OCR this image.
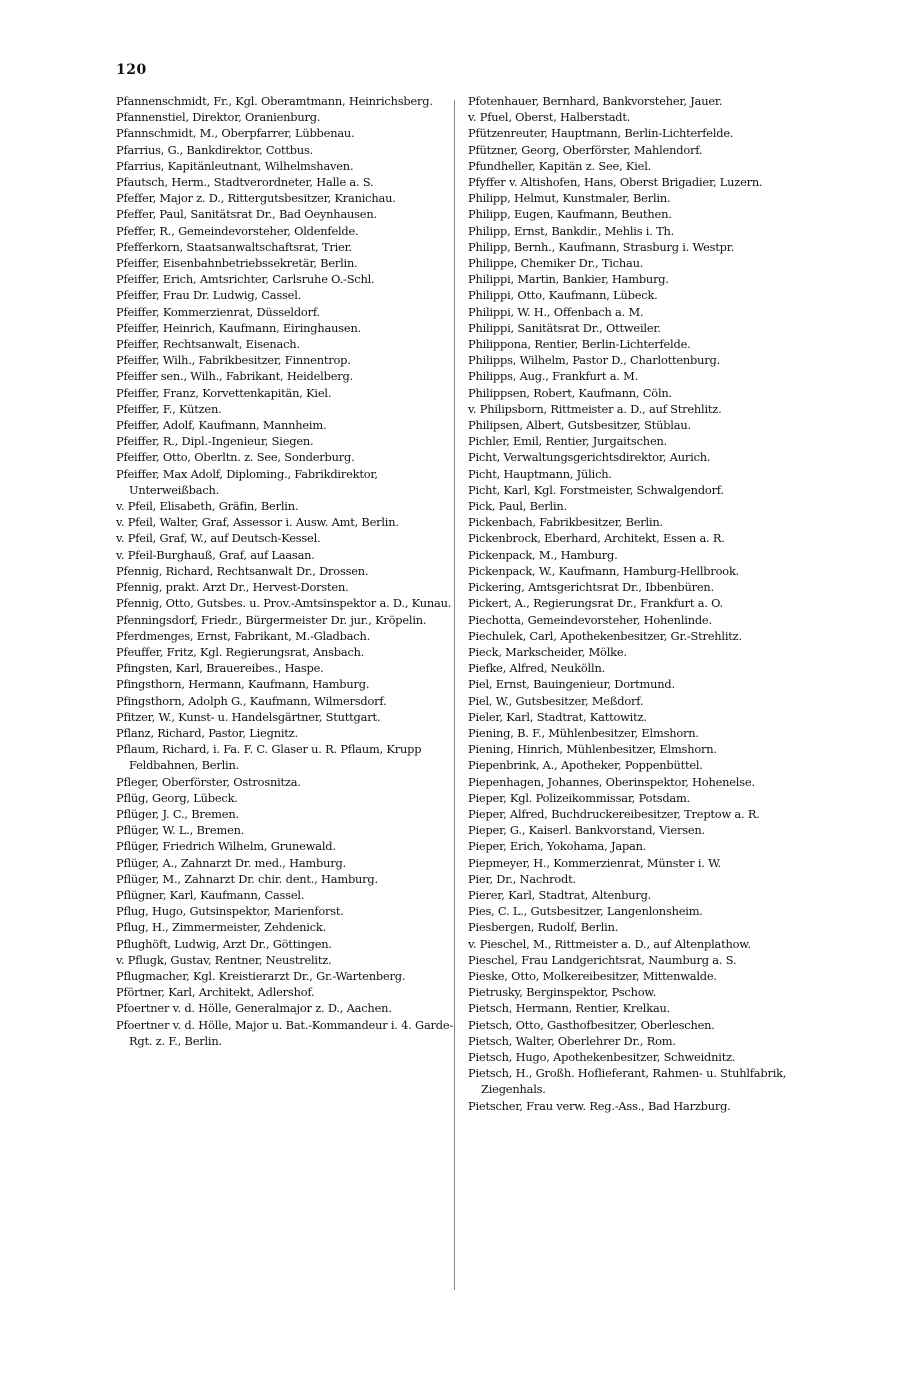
120

Pfannenschmidt, Fr., Kgl. Oberamtmann, Heinrichsberg.

Pfannenstiel, Direktor, Oranienburg.

Pfannschmidt, M., Oberpfarrer, Lübbenau.

Pfarrius, G., Bankdirektor, Cottbus.

Pfarrius, Kapitänleutnant, Wilhelmshaven.

Pfautsch, Herm., Stadtverordneter, Halle a. S.

Pfeffer, Major z. D., Rittergutsbesitzer, Kranichau.

Pfeffer, Paul, Sanitätsrat Dr., Bad Oeynhausen.

Pfeffer, R., Gemeindevorsteher, Oldenfelde.

Pfefferkorn, Staatsanwaltschaftsrat, Trier.

Pfeiffer, Eisenbahnbetriebssekretär, Berlin.

Pfeiffer, Erich, Amtsrichter, Carlsruhe O.-Schl.

Pfeiffer, Frau Dr. Ludwig, Cassel.

Pfeiffer, Kommerzienrat, Düsseldorf.

Pfeiffer, Heinrich, Kaufmann, Eiringhausen.

Pfeiffer, Rechtsanwalt, Eisenach.

Pfeiffer, Wilh., Fabrikbesitzer, Finnentrop.

Pfeiffer sen., Wilh., Fabrikant, Heidelberg.

Pfeiffer, Franz, Korvettenkapitän, Kiel.

Pfeiffer, F., Kützen.

Pfeiffer, Adolf, Kaufmann, Mannheim.

Pfeiffer, R., Dipl.-Ingenieur, Siegen.

Pfeiffer, Otto, Oberltn. z. See, Sonderburg.

Pfeiffer, Max Adolf, Diploming., Fabrikdirektor, Unterweißbach.

v. Pfeil, Elisabeth, Gräfin, Berlin.

v. Pfeil, Walter, Graf, Assessor i. Ausw. Amt, Berlin.

v. Pfeil, Graf, W., auf Deutsch-Kessel.

v. Pfeil-Burghauß, Graf, auf Laasan.

Pfennig, Richard, Rechtsanwalt Dr., Drossen.

Pfennig, prakt. Arzt Dr., Hervest-Dorsten.

Pfennig, Otto, Gutsbes. u. Prov.-Amtsinspektor a. D., Kunau.

Pfenningsdorf, Friedr., Bürgermeister Dr. jur., Kröpelin.

Pferdmenges, Ernst, Fabrikant, M.-Gladbach.

Pfeuffer, Fritz, Kgl. Regierungsrat, Ansbach.

Pfingsten, Karl, Brauereibes., Haspe.

Pfingsthorn, Hermann, Kaufmann, Hamburg.

Pfingsthorn, Adolph G., Kaufmann, Wilmersdorf.

Pfitzer, W., Kunst- u. Handelsgärtner, Stuttgart.

Pflanz, Richard, Pastor, Liegnitz.

Pflaum, Richard, i. Fa. F. C. Glaser u. R. Pflaum, Krupp Feldbahnen, Berlin.

Pfleger, Oberförster, Ostrosnitza.

Pflüg, Georg, Lübeck.

Pflüger, J. C., Bremen.

Pflüger, W. L., Bremen.

Pflüger, Friedrich Wilhelm, Grunewald.

Pflüger, A., Zahnarzt Dr. med., Hamburg.

Pflüger, M., Zahnarzt Dr. chir. dent., Hamburg.

Pflügner, Karl, Kaufmann, Cassel.

Pflug, Hugo, Gutsinspektor, Marienforst.

Pflug, H., Zimmermeister, Zehdenick.

Pflughöft, Ludwig, Arzt Dr., Göttingen.

v. Pflugk, Gustav, Rentner, Neustrelitz.

Pflugmacher, Kgl. Kreistierarzt Dr., Gr.-Wartenberg.

Pförtner, Karl, Architekt, Adlershof.

Pfoertner v. d. Hölle, Generalmajor z. D., Aachen.

Pfoertner v. d. Hölle, Major u. Bat.-Kommandeur i. 4. Garde-Rgt. z. F., Berlin.

Pfotenhauer, Bernhard, Bankvorsteher, Jauer.

v. Pfuel, Oberst, Halberstadt.

Pfützenreuter, Hauptmann, Berlin-Lichterfelde.

Pfützner, Georg, Oberförster, Mahlendorf.

Pfundheller, Kapitän z. See, Kiel.

Pfyffer v. Altishofen, Hans, Oberst Brigadier, Luzern.

Philipp, Helmut, Kunstmaler, Berlin.

Philipp, Eugen, Kaufmann, Beuthen.

Philipp, Ernst, Bankdir., Mehlis i. Th.

Philipp, Bernh., Kaufmann, Strasburg i. Westpr.

Philippe, Chemiker Dr., Tichau.

Philippi, Martin, Bankier, Hamburg.

Philippi, Otto, Kaufmann, Lübeck.

Philippi, W. H., Offenbach a. M.

Philippi, Sanitätsrat Dr., Ottweiler.

Philippona, Rentier, Berlin-Lichterfelde.

Philipps, Wilhelm, Pastor D., Charlottenburg.

Philipps, Aug., Frankfurt a. M.

Philippsen, Robert, Kaufmann, Cöln.

v. Philipsborn, Rittmeister a. D., auf Strehlitz.

Philipsen, Albert, Gutsbesitzer, Stüblau.

Pichler, Emil, Rentier, Jurgaitschen.

Picht, Verwaltungsgerichtsdirektor, Aurich.

Picht, Hauptmann, Jülich.

Picht, Karl, Kgl. Forstmeister, Schwalgendorf.

Pick, Paul, Berlin.

Pickenbach, Fabrikbesitzer, Berlin.

Pickenbrock, Eberhard, Architekt, Essen a. R.

Pickenpack, M., Hamburg.

Pickenpack, W., Kaufmann, Hamburg-Hellbrook.

Pickering, Amtsgerichtsrat Dr., Ibbenbüren.

Pickert, A., Regierungsrat Dr., Frankfurt a. O.

Piechotta, Gemeindevorsteher, Hohenlinde.

Piechulek, Carl, Apothekenbesitzer, Gr.-Strehlitz.

Pieck, Markscheider, Mölke.

Piefke, Alfred, Neukölln.

Piel, Ernst, Bauingenieur, Dortmund.

Piel, W., Gutsbesitzer, Meßdorf.

Pieler, Karl, Stadtrat, Kattowitz.

Piening, B. F., Mühlenbesitzer, Elmshorn.

Piening, Hinrich, Mühlenbesitzer, Elmshorn.

Piepenbrink, A., Apotheker, Poppenbüttel.

Piepenhagen, Johannes, Oberinspektor, Hohenelse.

Pieper, Kgl. Polizeikommissar, Potsdam.

Pieper, Alfred, Buchdruckereibesitzer, Treptow a. R.

Pieper, G., Kaiserl. Bankvorstand, Viersen.

Pieper, Erich, Yokohama, Japan.

Piepmeyer, H., Kommerzienrat, Münster i. W.

Pier, Dr., Nachrodt.

Pierer, Karl, Stadtrat, Altenburg.

Pies, C. L., Gutsbesitzer, Langenlonsheim.

Piesbergen, Rudolf, Berlin.

v. Pieschel, M., Rittmeister a. D., auf Altenplathow.

Pieschel, Frau Landgerichtsrat, Naumburg a. S.

Pieske, Otto, Molkereibesitzer, Mittenwalde.

Pietrusky, Berginspektor, Pschow.

Pietsch, Hermann, Rentier, Krelkau.

Pietsch, Otto, Gasthofbesitzer, Oberleschen.

Pietsch, Walter, Oberlehrer Dr., Rom.

Pietsch, Hugo, Apothekenbesitzer, Schweidnitz.

Pietsch, H., Großh. Hoflieferant, Rahmen- u. Stuhlfabrik, Ziegenhals.

Pietscher, Frau verw. Reg.-Ass., Bad Harzburg.
